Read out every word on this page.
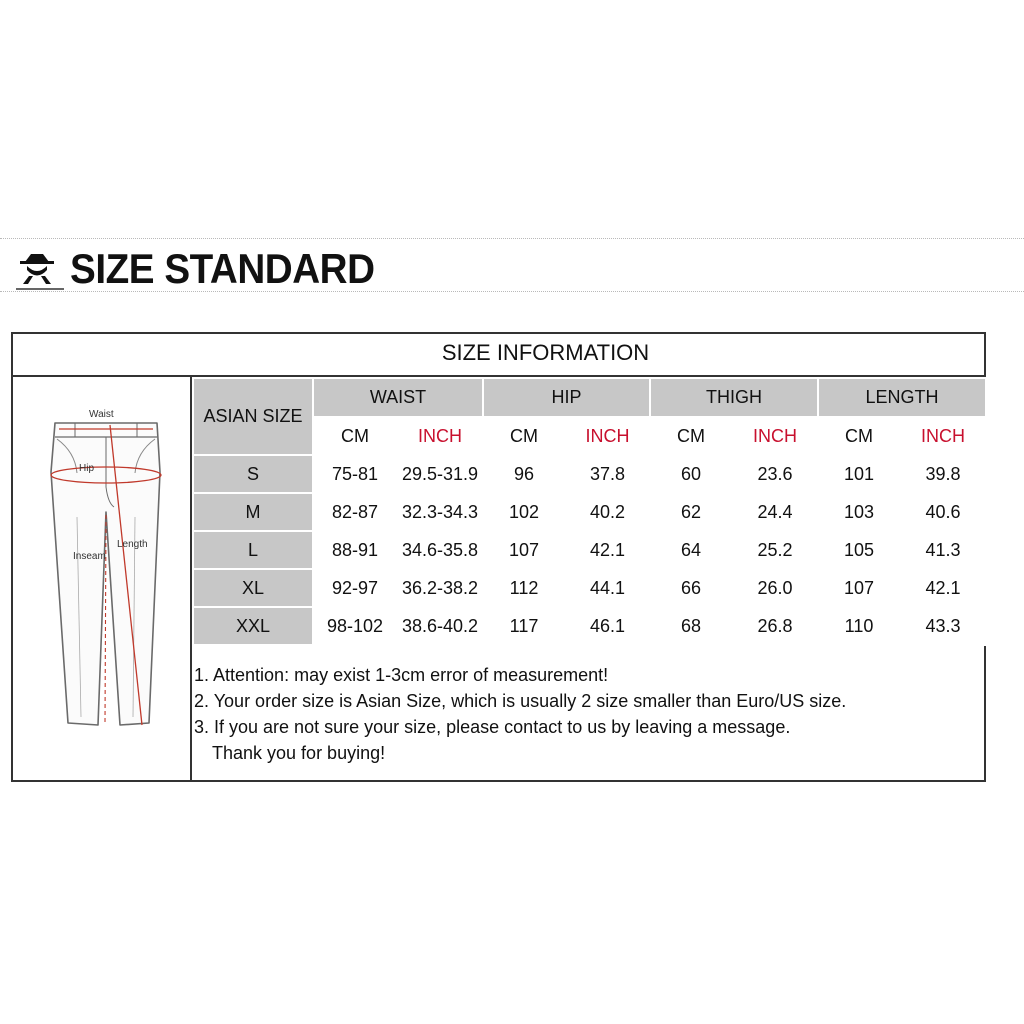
SIZE STANDARD
SIZE INFORMATION
Waist
Hip
Length
Inseam
ASIAN SIZE	WAIST		HIP		THIGH		LENGTH	
	CM	INCH	CM	INCH	CM	INCH	CM	INCH
S	75-81	29.5-31.9	96	37.8	60	23.6	101	39.8
M	82-87	32.3-34.3	102	40.2	62	24.4	103	40.6
L	88-91	34.6-35.8	107	42.1	64	25.2	105	41.3
XL	92-97	36.2-38.2	112	44.1	66	26.0	107	42.1
XXL	98-102	38.6-40.2	117	46.1	68	26.8	110	43.3
1. Attention: may exist 1-3cm error of measurement!
2. Your order size is Asian Size, which is usually 2 size smaller than Euro/US size.
3. If you are not sure your size, please contact to us by leaving a message.
Thank you for buying!
